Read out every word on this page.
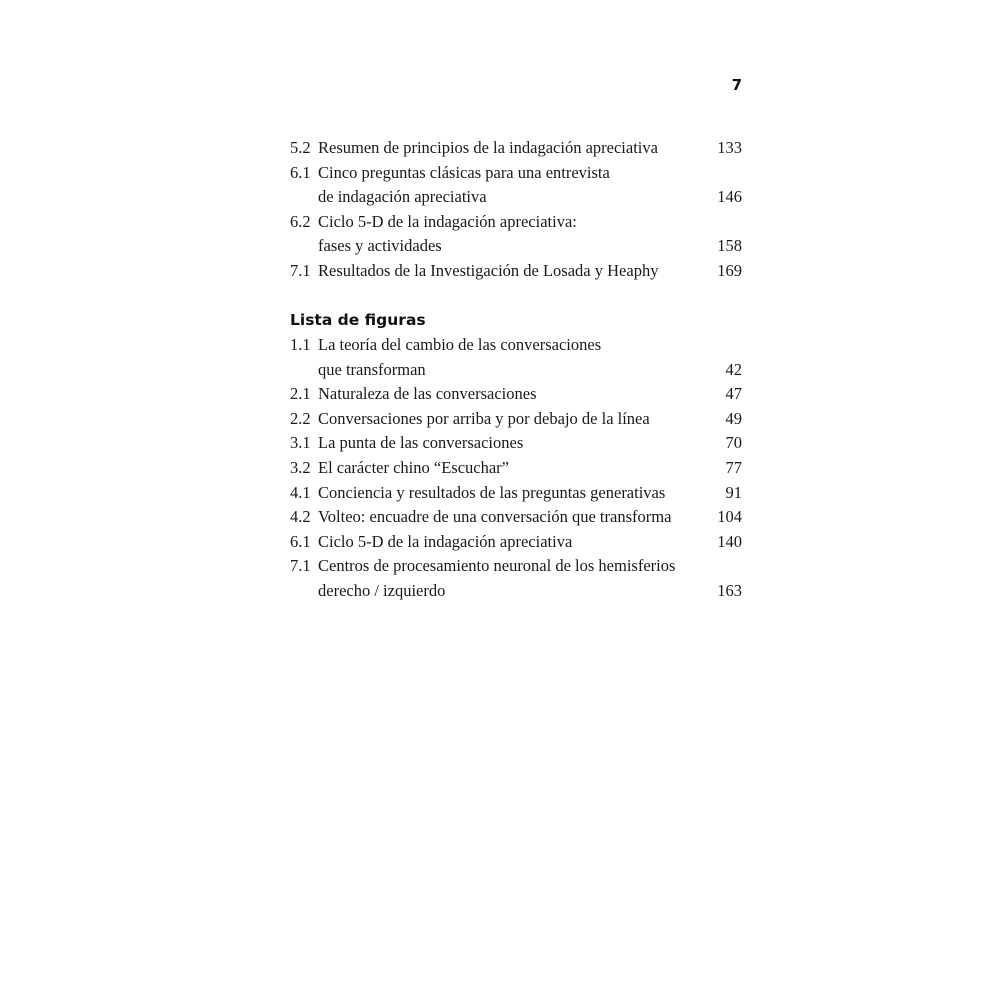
7
5.2 Resumen de principios de la indagación apreciativa	133
6.1 Cinco preguntas clásicas para una entrevista
de indagación apreciativa	146
6.2 Ciclo 5-D de la indagación apreciativa:
fases y actividades	158
7.1 Resultados de la Investigación de Losada y Heaphy	169
Lista de figuras
1.1 La teoría del cambio de las conversaciones
que transforman	42
2.1 Naturaleza de las conversaciones	47
2.2 Conversaciones por arriba y por debajo de la línea	49
3.1 La punta de las conversaciones	70
3.2 El carácter chino “Escuchar”	77
4.1 Conciencia y resultados de las preguntas generativas	91
4.2 Volteo: encuadre de una conversación que transforma	104
6.1 Ciclo 5-D de la indagación apreciativa	140
7.1 Centros de procesamiento neuronal de los hemisferios
derecho / izquierdo	163
